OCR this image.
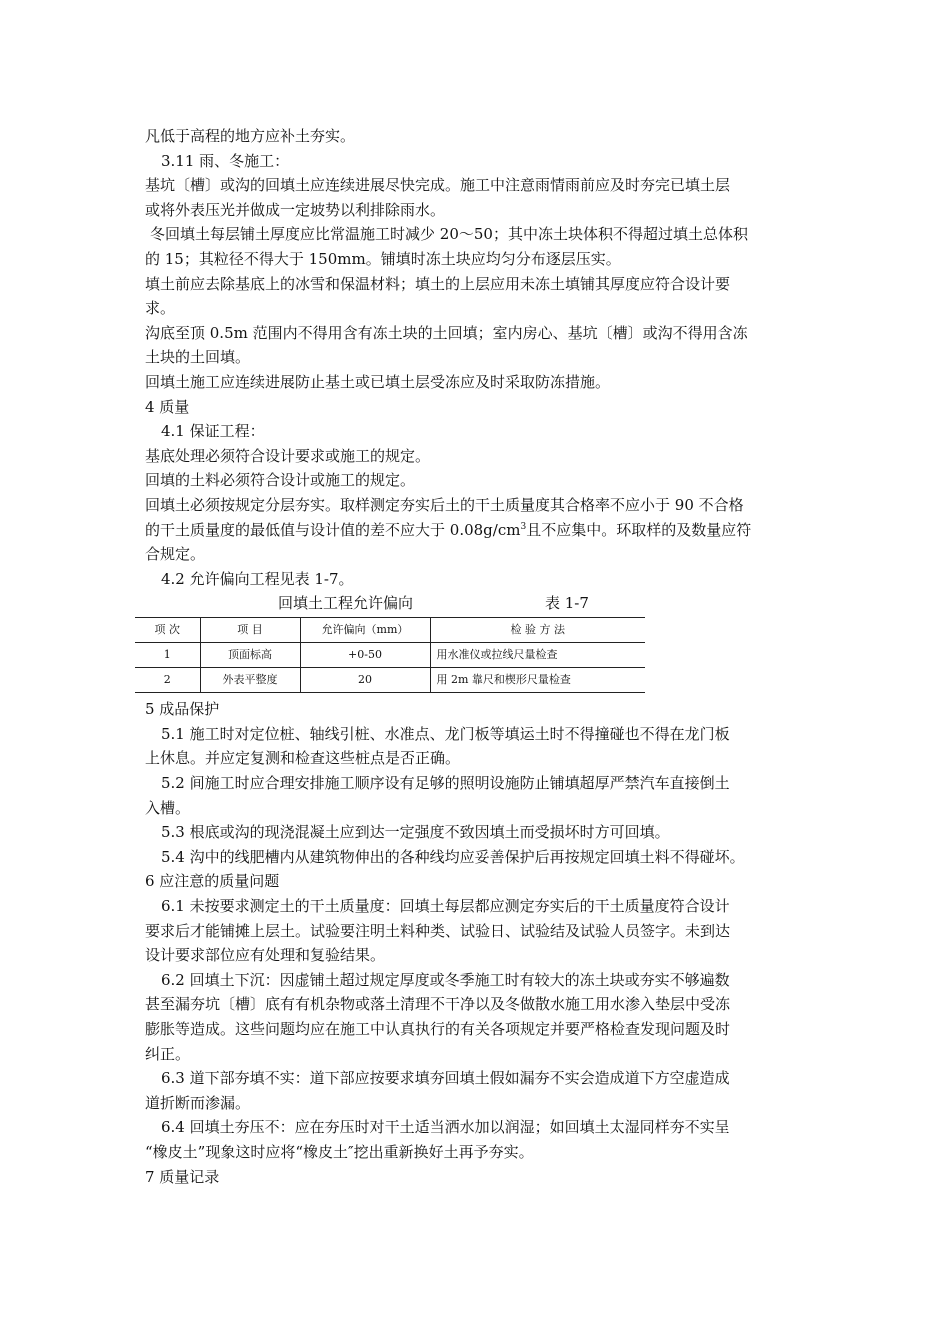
凡低于高程的地方应补土夯实。

3.11 雨、冬施工：

基坑〔槽〕或沟的回填土应连续进展尽快完成。施工中注意雨情雨前应及时夯完已填土层

或将外表压光并做成一定坡势以利排除雨水。

冬回填土每层铺土厚度应比常温施工时减少 20～50；其中冻土块体积不得超过填土总体积

的 15；其粒径不得大于 150mm。铺填时冻土块应均匀分布逐层压实。

填土前应去除基底上的冰雪和保温材料；填土的上层应用未冻土填铺其厚度应符合设计要

求。

沟底至顶 0.5m 范围内不得用含有冻土块的土回填；室内房心、基坑〔槽〕或沟不得用含冻

土块的土回填。

回填土施工应连续进展防止基土或已填土层受冻应及时采取防冻措施。

4 质量

4.1 保证工程：

基底处理必须符合设计要求或施工的规定。

回填的土料必须符合设计或施工的规定。

回填土必须按规定分层夯实。取样测定夯实后土的干土质量度其合格率不应小于 90 不合格

的干土质量度的最低值与设计值的差不应大于 $0.08g/cm^3$且不应集中。环取样的及数量应符

合规定。

4.2 允许偏向工程见表 1-7。

回填土工程允许偏向	表 1-7
项 次	项 目	允许偏向（mm）	检 验 方 法
1	顶面标高	+0-50	用水准仪或拉线尺量检查
2	外表平整度	20	用 2m 靠尺和楔形尺量检查

5 成品保护

5.1 施工时对定位桩、轴线引桩、水准点、龙门板等填运土时不得撞碰也不得在龙门板

上休息。并应定复测和检查这些桩点是否正确。

5.2 间施工时应合理安排施工顺序设有足够的照明设施防止铺填超厚严禁汽车直接倒土

入槽。

5.3 根底或沟的现浇混凝土应到达一定强度不致因填土而受损坏时方可回填。

5.4 沟中的线肥槽内从建筑物伸出的各种线均应妥善保护后再按规定回填土料不得碰坏。

6 应注意的质量问题

6.1 未按要求测定土的干土质量度：回填土每层都应测定夯实后的干土质量度符合设计

要求后才能铺摊上层土。试验要注明土料种类、试验日、试验结及试验人员签字。未到达

设计要求部位应有处理和复验结果。

6.2 回填土下沉：因虚铺土超过规定厚度或冬季施工时有较大的冻土块或夯实不够遍数

甚至漏夯坑〔槽〕底有有机杂物或落土清理不干净以及冬做散水施工用水渗入垫层中受冻

膨胀等造成。这些问题均应在施工中认真执行的有关各项规定并要严格检查发现问题及时

纠正。

6.3 道下部夯填不实：道下部应按要求填夯回填土假如漏夯不实会造成道下方空虚造成

道折断而渗漏。

6.4 回填土夯压不：应在夯压时对干土适当洒水加以润湿；如回填土太湿同样夯不实呈

“橡皮土”现象这时应将“橡皮土″挖出重新换好土再予夯实。

7 质量记录
